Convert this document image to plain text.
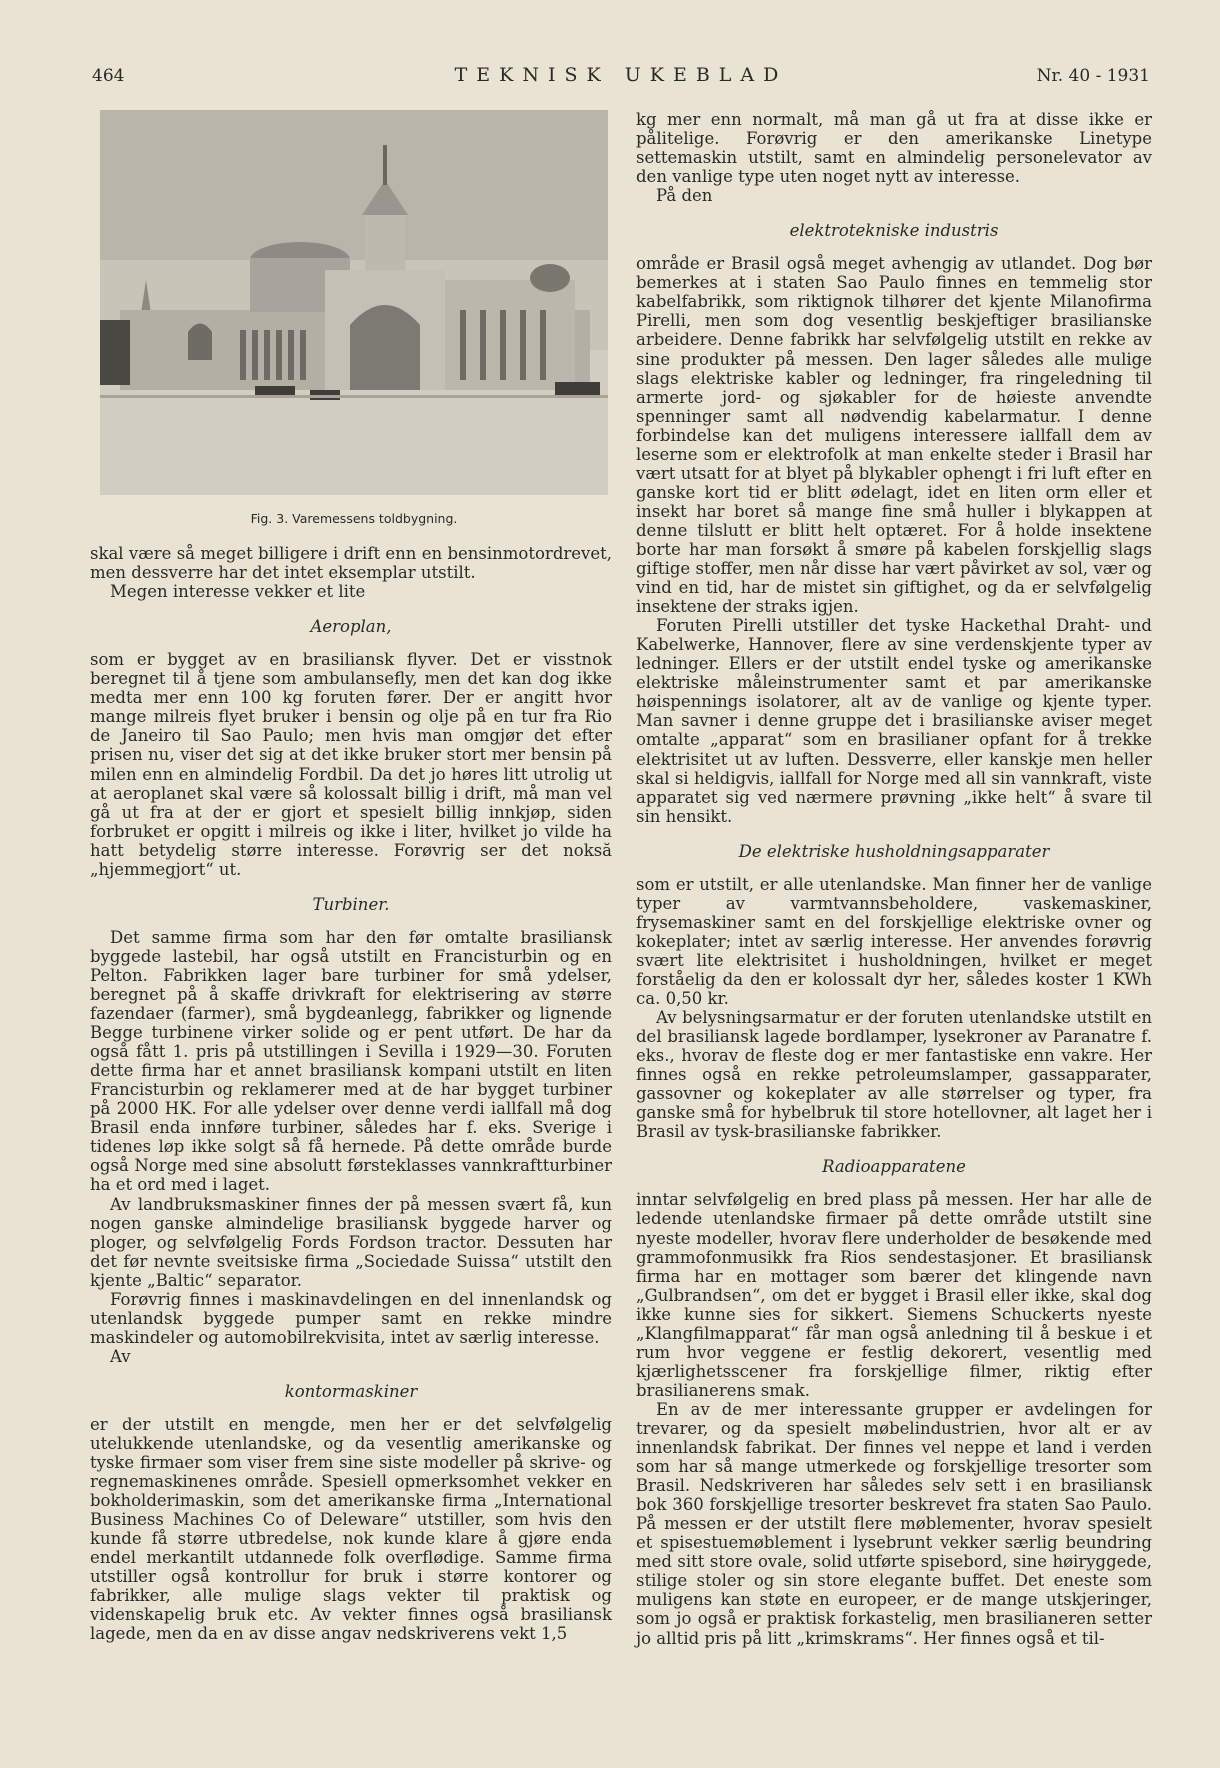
464	TEKNISK UKEBLAD	Nr. 40 - 1931
Fig. 3. Varemessens toldbygning.

skal være så meget billigere i drift enn en bensinmotordrevet, men dessverre har det intet eksemplar utstilt.

Megen interesse vekker et lite

Aeroplan,

som er bygget av en brasiliansk flyver. Det er visstnok beregnet til å tjene som ambulansefly, men det kan dog ikke medta mer enn 100 kg foruten fører. Der er angitt hvor mange milreis flyet bruker i bensin og olje på en tur fra Rio de Janeiro til Sao Paulo; men hvis man omgjør det efter prisen nu, viser det sig at det ikke bruker stort mer bensin på milen enn en almindelig Fordbil. Da det jo høres litt utrolig ut at aeroplanet skal være så kolossalt billig i drift, må man vel gå ut fra at der er gjort et spesielt billig innkjøp, siden forbruket er opgitt i milreis og ikke i liter, hvilket jo vilde ha hatt betydelig større interesse. Forøvrig ser det noksă „hjemmegjort“ ut.

Turbiner.

Det samme firma som har den før omtalte brasiliansk byggede lastebil, har også utstilt en Francisturbin og en Pelton. Fabrikken lager bare turbiner for små ydelser, beregnet på å skaffe drivkraft for elektrisering av større fazendaer (farmer), små bygdeanlegg, fabrikker og lignende Begge turbinene virker solide og er pent utført. De har da også fått 1. pris på utstillingen i Sevilla i 1929—30. Foruten dette firma har et annet brasiliansk kompani utstilt en liten Francisturbin og reklamerer med at de har bygget turbiner på 2000 HK. For alle ydelser over denne verdi iallfall må dog Brasil enda innføre turbiner, således har f. eks. Sverige i tidenes løp ikke solgt så få hernede. På dette område burde også Norge med sine absolutt førsteklasses vannkraftturbiner ha et ord med i laget.

Av landbruksmaskiner finnes der på messen svært få, kun nogen ganske almindelige brasiliansk byggede harver og ploger, og selvfølgelig Fords Fordson tractor. Dessuten har det før nevnte sveitsiske firma „Sociedade Suissa“ utstilt den kjente „Baltic“ separator.

Forøvrig finnes i maskinavdelingen en del innenlandsk og utenlandsk byggede pumper samt en rekke mindre maskindeler og automobilrekvisita, intet av særlig interesse.

Av

kontormaskiner

er der utstilt en mengde, men her er det selvfølgelig utelukkende utenlandske, og da vesentlig amerikanske og tyske firmaer som viser frem sine siste modeller på skrive- og regnemaskinenes område. Spesiell opmerksomhet vekker en bokholderimaskin, som det amerikanske firma „International Business Machines Co of Deleware“ utstiller, som hvis den kunde få større utbredelse, nok kunde klare å gjøre enda endel merkantilt utdannede folk overflødige. Samme firma utstiller også kontrollur for bruk i større kontorer og fabrikker, alle mulige slags vekter til praktisk og videnskapelig bruk etc. Av vekter finnes også brasiliansk lagede, men da en av disse angav nedskriverens vekt 1,5

kg mer enn normalt, må man gå ut fra at disse ikke er pålitelige. Forøvrig er den amerikanske Linetype settemaskin utstilt, samt en almindelig personelevator av den vanlige type uten noget nytt av interesse.

På den

elektrotekniske industris

område er Brasil også meget avhengig av utlandet. Dog bør bemerkes at i staten Sao Paulo finnes en temmelig stor kabelfabrikk, som riktignok tilhører det kjente Milanofirma Pirelli, men som dog vesentlig beskjeftiger brasilianske arbeidere. Denne fabrikk har selvfølgelig utstilt en rekke av sine produkter på messen. Den lager således alle mulige slags elektriske kabler og ledninger, fra ringeledning til armerte jord- og sjøkabler for de høieste anvendte spenninger samt all nødvendig kabelarmatur. I denne forbindelse kan det muligens interessere iallfall dem av leserne som er elektrofolk at man enkelte steder i Brasil har vært utsatt for at blyet på blykabler ophengt i fri luft efter en ganske kort tid er blitt ødelagt, idet en liten orm eller et insekt har boret så mange fine små huller i blykappen at denne tilslutt er blitt helt optæret. For å holde insektene borte har man forsøkt å smøre på kabelen forskjellig slags giftige stoffer, men når disse har vært påvirket av sol, vær og vind en tid, har de mistet sin giftighet, og da er selvfølgelig insektene der straks igjen.

Foruten Pirelli utstiller det tyske Hackethal Draht- und Kabelwerke, Hannover, flere av sine verdenskjente typer av ledninger. Ellers er der utstilt endel tyske og amerikanske elektriske måleinstrumenter samt et par amerikanske høispennings isolatorer, alt av de vanlige og kjente typer. Man savner i denne gruppe det i brasilianske aviser meget omtalte „apparat“ som en brasilianer opfant for å trekke elektrisitet ut av luften. Dessverre, eller kanskje men heller skal si heldigvis, iallfall for Norge med all sin vannkraft, viste apparatet sig ved nærmere prøvning „ikke helt“ å svare til sin hensikt.

De elektriske husholdningsapparater

som er utstilt, er alle utenlandske. Man finner her de vanlige typer av varmtvannsbeholdere, vaskemaskiner, frysemaskiner samt en del forskjellige elektriske ovner og kokeplater; intet av særlig interesse. Her anvendes forøvrig svært lite elektrisitet i husholdningen, hvilket er meget forståelig da den er kolossalt dyr her, således koster 1 KWh ca. 0,50 kr.

Av belysningsarmatur er der foruten utenlandske utstilt en del brasiliansk lagede bordlamper, lysekroner av Paranatre f. eks., hvorav de fleste dog er mer fantastiske enn vakre. Her finnes også en rekke petroleumslamper, gassapparater, gassovner og kokeplater av alle størrelser og typer, fra ganske små for hybelbruk til store hotellovner, alt laget her i Brasil av tysk-brasilianske fabrikker.

Radioapparatene

inntar selvfølgelig en bred plass på messen. Her har alle de ledende utenlandske firmaer på dette område utstilt sine nyeste modeller, hvorav flere underholder de besøkende med grammofonmusikk fra Rios sendestasjoner. Et brasiliansk firma har en mottager som bærer det klingende navn „Gulbrandsen“, om det er bygget i Brasil eller ikke, skal dog ikke kunne sies for sikkert. Siemens Schuckerts nyeste „Klangfilmapparat“ får man også anledning til å beskue i et rum hvor veggene er festlig dekorert, vesentlig med kjærlighetsscener fra forskjellige filmer, riktig efter brasilianerens smak.

En av de mer interessante grupper er avdelingen for trevarer, og da spesielt møbelindustrien, hvor alt er av innenlandsk fabrikat. Der finnes vel neppe et land i verden som har så mange utmerkede og forskjellige tresorter som Brasil. Nedskriveren har således selv sett i en brasiliansk bok 360 forskjellige tresorter beskrevet fra staten Sao Paulo. På messen er der utstilt flere møblementer, hvorav spesielt et spisestuemøblement i lysebrunt vekker særlig beundring med sitt store ovale, solid utførte spisebord, sine høiryggede, stilige stoler og sin store elegante buffet. Det eneste som muligens kan støte en europeer, er de mange utskjeringer, som jo også er praktisk forkastelig, men brasilianeren setter jo alltid pris på litt „krimskrams“. Her finnes også et til-
